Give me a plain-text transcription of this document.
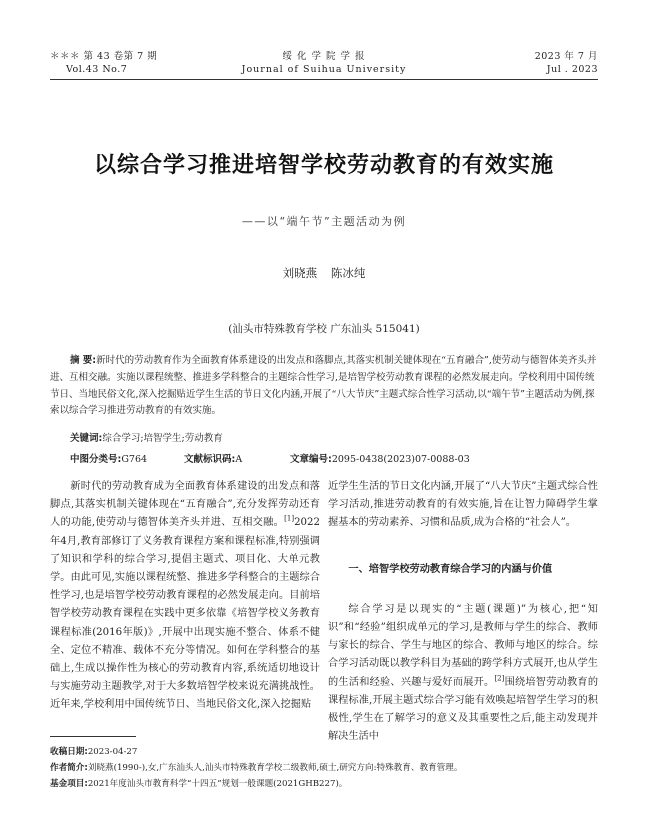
＊＊＊ 第 43 卷第 7 期
Vol.43 No.7
绥 化 学 院 学 报
Journal of Suihua University
2023 年 7 月
Jul . 2023
以综合学习推进培智学校劳动教育的有效实施
——以“端午节”主题活动为例
刘晓燕 陈冰纯
(汕头市特殊教育学校 广东汕头 515041)
摘 要:新时代的劳动教育作为全面教育体系建设的出发点和落脚点,其落实机制关键体现在“五育融合”,使劳动与德智体美齐头并进、互相交融。实施以课程统整、推进多学科整合的主题综合性学习,是培智学校劳动教育课程的必然发展走向。学校利用中国传统节日、当地民俗文化,深入挖掘贴近学生生活的节日文化内涵,开展了“八大节庆”主题式综合性学习活动,以“端午节”主题活动为例,探索以综合学习推进劳动教育的有效实施。
关键词:综合学习;培智学生;劳动教育
中图分类号:G764	文献标识码:A	文章编号:2095-0438(2023)07-0088-03

新时代的劳动教育成为全面教育体系建设的出发点和落脚点,其落实机制关键体现在“五育融合”,充分发挥劳动还育人的功能,使劳动与德智体美齐头并进、互相交融。[1]2022年4月,教育部修订了义务教育课程方案和课程标准,特别强调了知识和学科的综合学习,提倡主题式、项目化、大单元教学。由此可见,实施以课程统整、推进多学科整合的主题综合性学习,也是培智学校劳动教育课程的必然发展走向。目前培智学校劳动教育课程在实践中更多依靠《培智学校义务教育课程标准(2016年版)》,开展中出现实施不整合、体系不健全、定位不精准、载体不充分等情况。如何在学科整合的基础上,生成以操作性为核心的劳动教育内容,系统适切地设计与实施劳动主题教学,对于大多数培智学校来说充满挑战性。近年来,学校利用中国传统节日、当地民俗文化,深入挖掘贴

近学生生活的节日文化内涵,开展了“八大节庆”主题式综合性学习活动,推进劳动教育的有效实施,旨在让智力障碍学生掌握基本的劳动素养、习惯和品质,成为合格的“社会人”。

一、培智学校劳动教育综合学习的内涵与价值

综合学习是以现实的“主题(课题)”为核心,把“知识”和“经验”组织成单元的学习,是教师与学生的综合、教师与家长的综合、学生与地区的综合、教师与地区的综合。综合学习活动既以教学科目为基础的跨学科方式展开,也从学生的生活和经验、兴趣与爱好而展开。[2]围绕培智劳动教育的课程标准,开展主题式综合学习能有效唤起培智学生学习的积极性,学生在了解学习的意义及其重要性之后,能主动发现并解决生活中

收稿日期:2023-04-27
作者简介:刘晓燕(1990-),女,广东汕头人,汕头市特殊教育学校二级教师,硕士,研究方向:特殊教育、教育管理。
基金项目:2021年度汕头市教育科学“十四五”规划一般课题(2021GHB227)。
